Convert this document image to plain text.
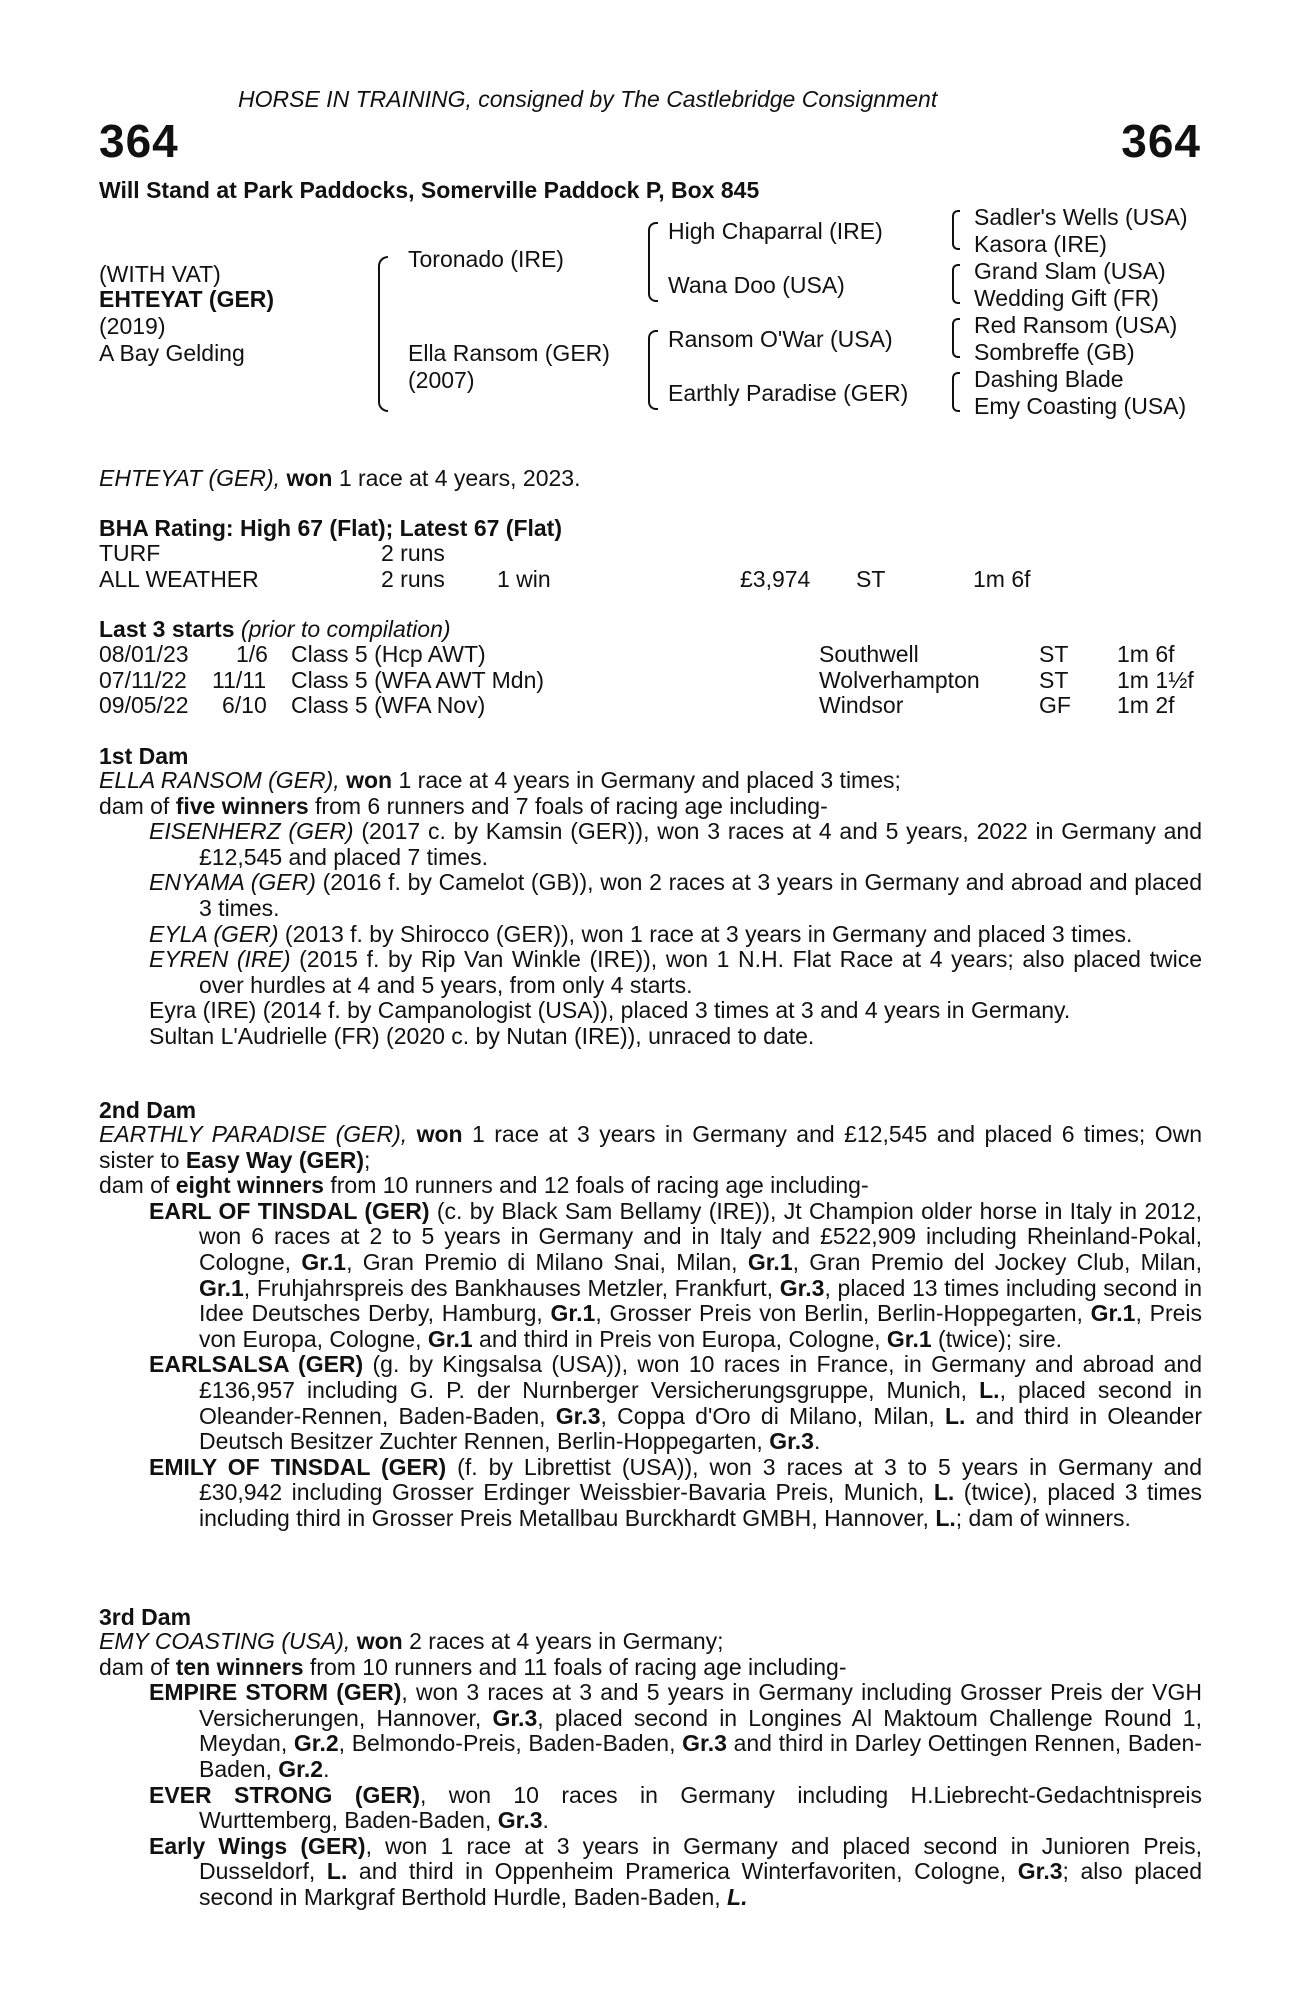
HORSE IN TRAINING, consigned by The Castlebridge Consignment
364	364
Will Stand at Park Paddocks, Somerville Paddock P, Box 845
(WITH VAT)
EHTEYAT (GER)
(2019)
A Bay Gelding
Toronado (IRE)
Ella Ransom (GER)
(2007)
High Chaparral (IRE)
Wana Doo (USA)
Ransom O'War (USA)
Earthly Paradise (GER)
Sadler's Wells (USA)
Kasora (IRE)
Grand Slam (USA)
Wedding Gift (FR)
Red Ransom (USA)
Sombreffe (GB)
Dashing Blade
Emy Coasting (USA)
EHTEYAT (GER), won 1 race at 4 years, 2023.
BHA Rating: High 67 (Flat); Latest 67 (Flat)
TURF	2 runs
ALL WEATHER	2 runs 1 win	£3,974 ST	1m 6f
Last 3 starts (prior to compilation)
08/01/23 1/6 Class 5 (Hcp AWT)	Southwell	ST 1m 6f
07/11/22 11/11 Class 5 (WFA AWT Mdn)	Wolverhampton	ST 1m 1½f
09/05/22 6/10 Class 5 (WFA Nov)	Windsor	GF 1m 2f
1st Dam

ELLA RANSOM (GER), won 1 race at 4 years in Germany and placed 3 times;

dam of five winners from 6 runners and 7 foals of racing age including-

EISENHERZ (GER) (2017 c. by Kamsin (GER)), won 3 races at 4 and 5 years, 2022 in Germany and £12,545 and placed 7 times.

ENYAMA (GER) (2016 f. by Camelot (GB)), won 2 races at 3 years in Germany and abroad and placed 3 times.

EYLA (GER) (2013 f. by Shirocco (GER)), won 1 race at 3 years in Germany and placed 3 times.

EYREN (IRE) (2015 f. by Rip Van Winkle (IRE)), won 1 N.H. Flat Race at 4 years; also placed twice over hurdles at 4 and 5 years, from only 4 starts.

Eyra (IRE) (2014 f. by Campanologist (USA)), placed 3 times at 3 and 4 years in Germany.

Sultan L'Audrielle (FR) (2020 c. by Nutan (IRE)), unraced to date.

2nd Dam

EARTHLY PARADISE (GER), won 1 race at 3 years in Germany and £12,545 and placed 6 times; Own sister to Easy Way (GER);

dam of eight winners from 10 runners and 12 foals of racing age including-

EARL OF TINSDAL (GER) (c. by Black Sam Bellamy (IRE)), Jt Champion older horse in Italy in 2012, won 6 races at 2 to 5 years in Germany and in Italy and £522,909 including Rheinland-Pokal, Cologne, Gr.1, Gran Premio di Milano Snai, Milan, Gr.1, Gran Premio del Jockey Club, Milan, Gr.1, Fruhjahrspreis des Bankhauses Metzler, Frankfurt, Gr.3, placed 13 times including second in Idee Deutsches Derby, Hamburg, Gr.1, Grosser Preis von Berlin, Berlin-Hoppegarten, Gr.1, Preis von Europa, Cologne, Gr.1 and third in Preis von Europa, Cologne, Gr.1 (twice); sire.

EARLSALSA (GER) (g. by Kingsalsa (USA)), won 10 races in France, in Germany and abroad and £136,957 including G. P. der Nurnberger Versicherungsgruppe, Munich, L., placed second in Oleander-Rennen, Baden-Baden, Gr.3, Coppa d'Oro di Milano, Milan, L. and third in Oleander Deutsch Besitzer Zuchter Rennen, Berlin-Hoppegarten, Gr.3.

EMILY OF TINSDAL (GER) (f. by Librettist (USA)), won 3 races at 3 to 5 years in Germany and £30,942 including Grosser Erdinger Weissbier-Bavaria Preis, Munich, L. (twice), placed 3 times including third in Grosser Preis Metallbau Burckhardt GMBH, Hannover, L.; dam of winners.

3rd Dam

EMY COASTING (USA), won 2 races at 4 years in Germany;

dam of ten winners from 10 runners and 11 foals of racing age including-

EMPIRE STORM (GER), won 3 races at 3 and 5 years in Germany including Grosser Preis der VGH Versicherungen, Hannover, Gr.3, placed second in Longines Al Maktoum Challenge Round 1, Meydan, Gr.2, Belmondo-Preis, Baden-Baden, Gr.3 and third in Darley Oettingen Rennen, Baden-Baden, Gr.2.

EVER STRONG (GER), won 10 races in Germany including H.Liebrecht-Gedachtnispreis Wurttemberg, Baden-Baden, Gr.3.

Early Wings (GER), won 1 race at 3 years in Germany and placed second in Junioren Preis, Dusseldorf, L. and third in Oppenheim Pramerica Winterfavoriten, Cologne, Gr.3; also placed second in Markgraf Berthold Hurdle, Baden-Baden, L.
